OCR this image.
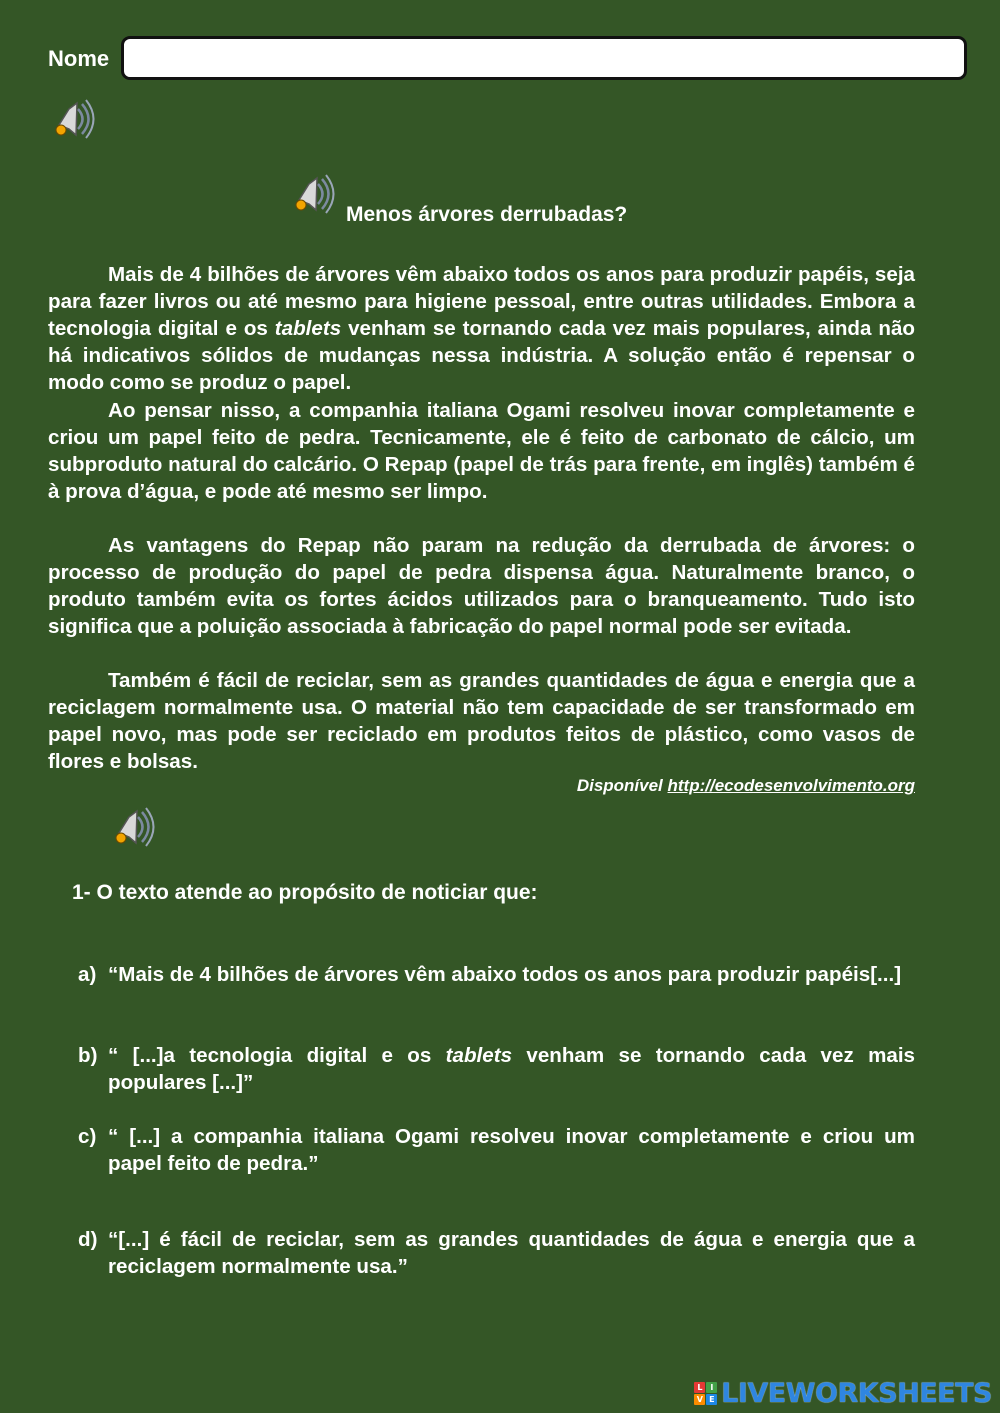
Nome
Menos árvores derrubadas?

Mais de 4 bilhões de árvores vêm abaixo todos os anos para produzir papéis, seja para fazer livros ou até mesmo para higiene pessoal, entre outras utilidades. Embora a tecnologia digital e os tablets venham se tornando cada vez mais populares, ainda não há indicativos sólidos de mudanças nessa indústria. A solução então é repensar o modo como se produz o papel.

Ao pensar nisso, a companhia italiana Ogami resolveu inovar completamente e criou um papel feito de pedra. Tecnicamente, ele é feito de carbonato de cálcio, um subproduto natural do calcário. O Repap (papel de trás para frente, em inglês) também é à prova d’água, e pode até mesmo ser limpo.

As vantagens do Repap não param na redução da derrubada de árvores: o processo de produção do papel de pedra dispensa água. Naturalmente branco, o produto também evita os fortes ácidos utilizados para o branqueamento. Tudo isto significa que a poluição associada à fabricação do papel normal pode ser evitada.

Também é fácil de reciclar, sem as grandes quantidades de água e energia que a reciclagem normalmente usa. O material não tem capacidade de ser transformado em papel novo, mas pode ser reciclado em produtos feitos de plástico, como vasos de flores e bolsas.

Disponível http://ecodesenvolvimento.org
1- O texto atende ao propósito de noticiar que:
a) “Mais de 4 bilhões de árvores vêm abaixo todos os anos para produzir papéis[...]
b) “ [...]a tecnologia digital e os tablets venham se tornando cada vez mais populares [...]”
c) “ [...] a companhia italiana Ogami resolveu inovar completamente e criou um papel feito de pedra.”
d) “[...] é fácil de reciclar, sem as grandes quantidades de água e energia que a reciclagem normalmente usa.”
L	I
V E LIVEWORKSHEETS
